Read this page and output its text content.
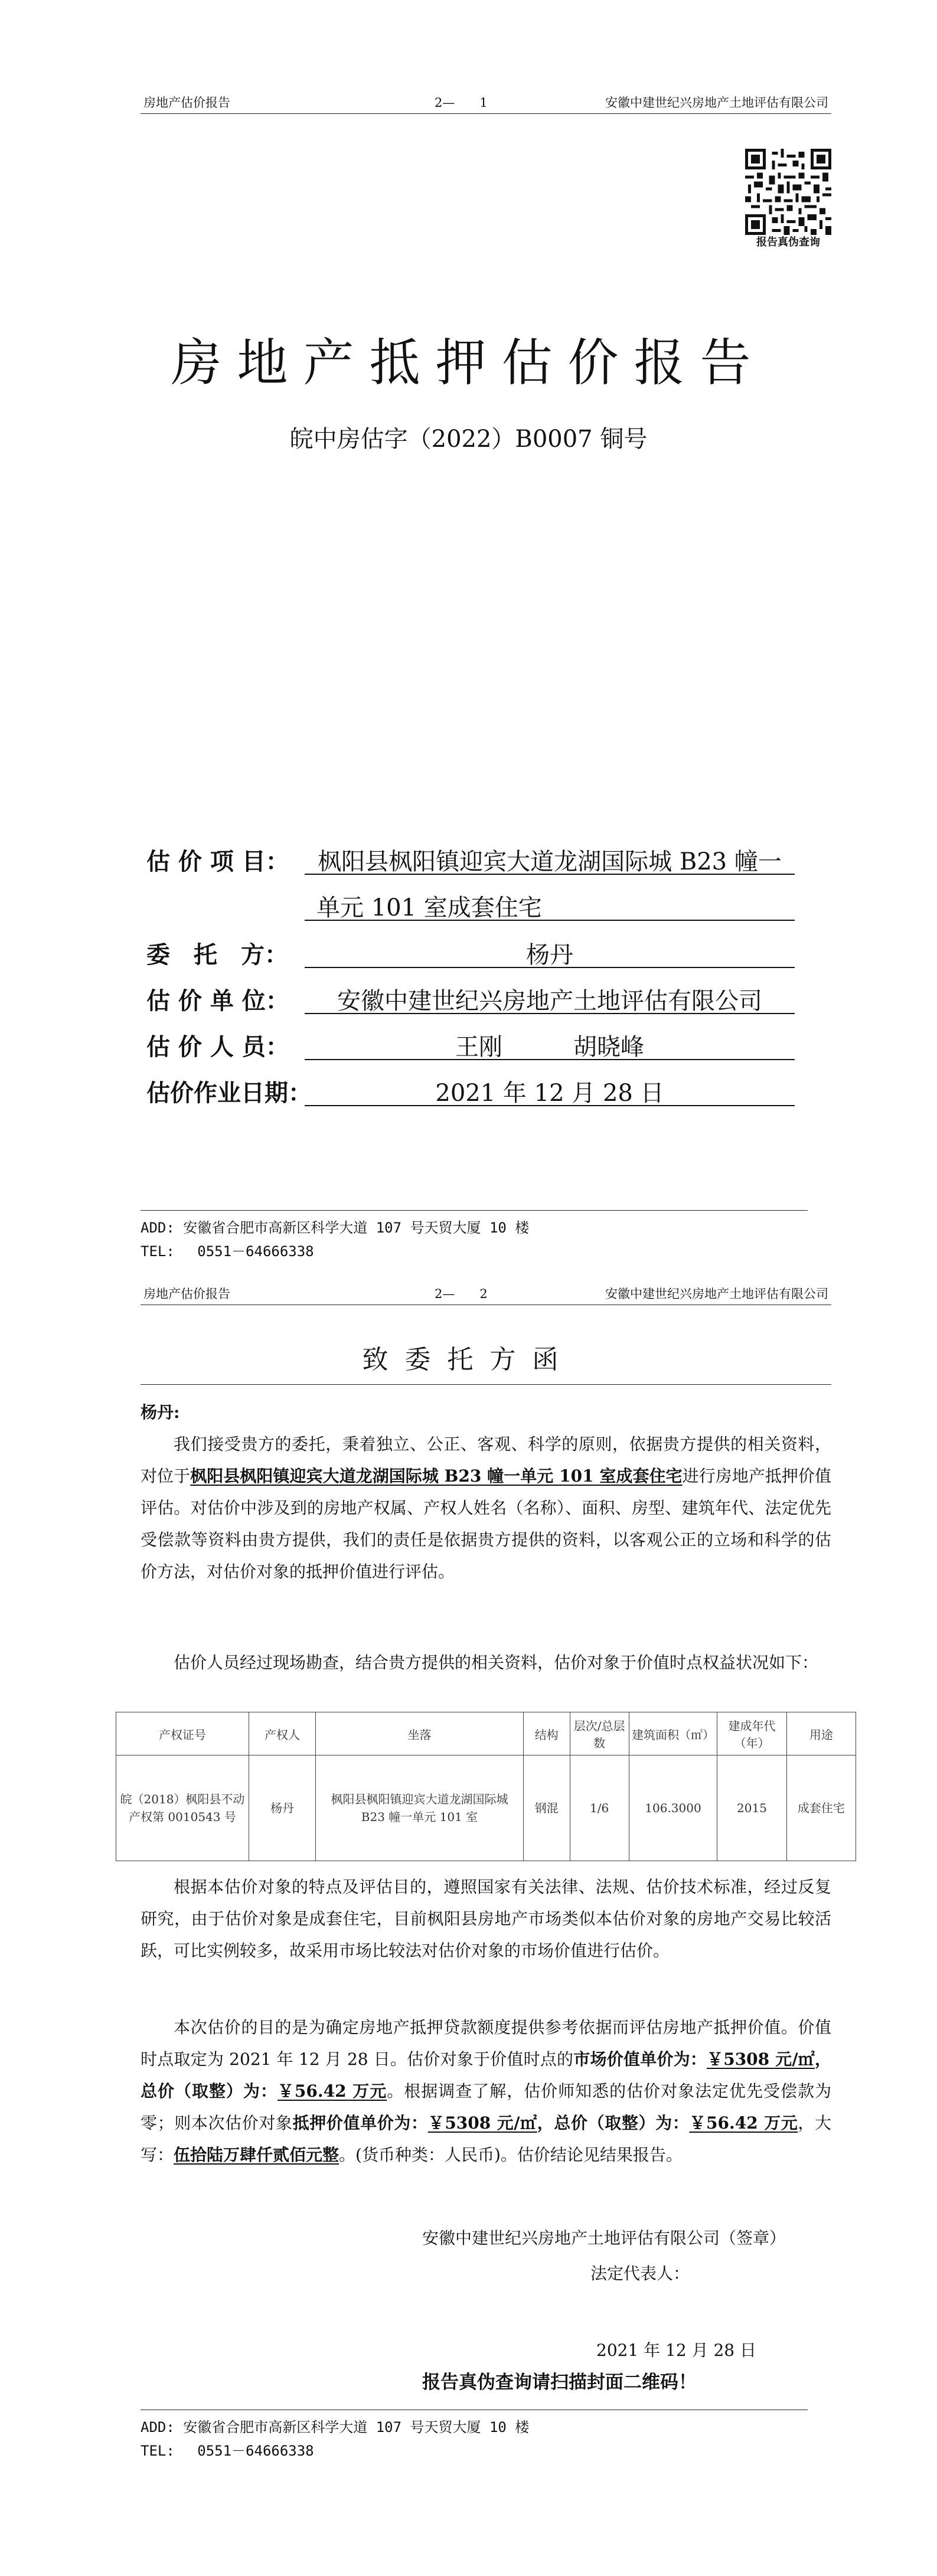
房地产估价报告	2—　　1	安徽中建世纪兴房地产土地评估有限公司
报告真伪查询
房地产抵押估价报告
皖中房估字（2022）B0007 铜号
估 价 项 目：	枫阳县枫阳镇迎宾大道龙湖国际城 B23 幢一
单元 101 室成套住宅
委　托　方：	杨丹
估 价 单 位：	安徽中建世纪兴房地产土地评估有限公司
估 价 人 员：	王刚　　　胡晓峰
估价作业日期：	2021 年 12 月 28 日
ADD: 安徽省合肥市高新区科学大道 107 号天贸大厦 10 楼
TEL:　 0551－64666338
房地产估价报告	2—　　2	安徽中建世纪兴房地产土地评估有限公司
致委托方函
杨丹:
我们接受贵方的委托，秉着独立、公正、客观、科学的原则，依据贵方提供的相关资料，对位于枫阳县枫阳镇迎宾大道龙湖国际城 B23 幢一单元 101 室成套住宅进行房地产抵押价值评估。对估价中涉及到的房地产权属、产权人姓名（名称）、面积、房型、建筑年代、法定优先受偿款等资料由贵方提供，我们的责任是依据贵方提供的资料，以客观公正的立场和科学的估价方法，对估价对象的抵押价值进行评估。
估价人员经过现场勘查，结合贵方提供的相关资料，估价对象于价值时点权益状况如下：
产权证号	产权人	坐落	结构	层次/总层数	建筑面积（㎡）	建成年代（年）	用途
皖（2018）枫阳县不动产权第 0010543 号	杨丹	枫阳县枫阳镇迎宾大道龙湖国际城 B23 幢一单元 101 室	钢混	1/6	106.3000	2015	成套住宅
根据本估价对象的特点及评估目的，遵照国家有关法律、法规、估价技术标准，经过反复研究，由于估价对象是成套住宅，目前枫阳县房地产市场类似本估价对象的房地产交易比较活跃，可比实例较多，故采用市场比较法对估价对象的市场价值进行估价。
本次估价的目的是为确定房地产抵押贷款额度提供参考依据而评估房地产抵押价值。价值时点取定为 2021 年 12 月 28 日。估价对象于价值时点的市场价值单价为：￥5308 元/㎡，总价（取整）为：￥56.42 万元。根据调查了解，估价师知悉的估价对象法定优先受偿款为零；则本次估价对象抵押价值单价为：￥5308 元/㎡，总价（取整）为：￥56.42 万元，大写：伍拾陆万肆仟贰佰元整。(货币种类：人民币)。估价结论见结果报告。
安徽中建世纪兴房地产土地评估有限公司（签章）
法定代表人：
2021 年 12 月 28 日
报告真伪查询请扫描封面二维码！
ADD: 安徽省合肥市高新区科学大道 107 号天贸大厦 10 楼
TEL:　 0551－64666338
